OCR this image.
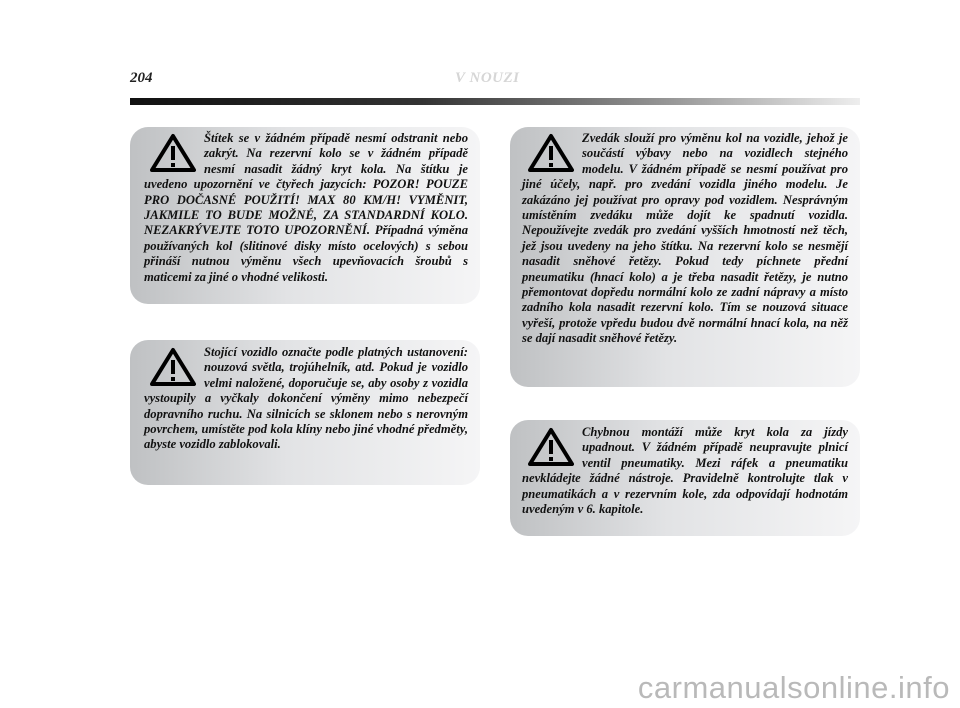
204	V NOUZI

Štítek se v žádném případě nesmí odstranit nebo zakrýt. Na rezervní kolo se v žádném případě nesmí nasadit žádný kryt kola. Na štítku je uvedeno upozornění ve čtyřech jazycích: POZOR! POUZE PRO DOČASNÉ POUŽITÍ! MAX 80 KM/H! VYMĚNIT, JAKMILE TO BUDE MOŽNÉ, ZA STANDARDNÍ KOLO. NEZAKRÝVEJTE TOTO UPOZORNĚNÍ. Případná výměna používaných kol (slitinové disky místo ocelových) s sebou přináší nutnou výměnu všech upevňovacích šroubů s maticemi za jiné o vhodné velikosti.

Stojící vozidlo označte podle platných ustanovení: nouzová světla, trojúhelník, atd. Pokud je vozidlo velmi naložené, doporučuje se, aby osoby z vozidla vystoupily a vyčkaly dokončení výměny mimo nebezpečí dopravního ruchu. Na silnicích se sklonem nebo s nerovným povrchem, umístěte pod kola klíny nebo jiné vhodné předměty, abyste vozidlo zablokovali.

Zvedák slouží pro výměnu kol na vozidle, jehož je součástí výbavy nebo na vozidlech stejného modelu. V žádném případě se nesmí používat pro jiné účely, např. pro zvedání vozidla jiného modelu. Je zakázáno jej používat pro opravy pod vozidlem. Nesprávným umístěním zvedáku může dojít ke spadnutí vozidla. Nepoužívejte zvedák pro zvedání vyšších hmotností než těch, jež jsou uvedeny na jeho štítku. Na rezervní kolo se nesmějí nasadit sněhové řetězy. Pokud tedy píchnete přední pneumatiku (hnací kolo) a je třeba nasadit řetězy, je nutno přemontovat dopředu normální kolo ze zadní nápravy a místo zadního kola nasadit rezervní kolo. Tím se nouzová situace vyřeší, protože vpředu budou dvě normální hnací kola, na něž se dají nasadit sněhové řetězy.

Chybnou montáží může kryt kola za jízdy upadnout. V žádném případě neupravujte plnicí ventil pneumatiky. Mezi ráfek a pneumatiku nevkládejte žádné nástroje. Pravidelně kontrolujte tlak v pneumatikách a v rezervním kole, zda odpovídají hodnotám uvedeným v 6. kapitole.

carmanualsonline.info
